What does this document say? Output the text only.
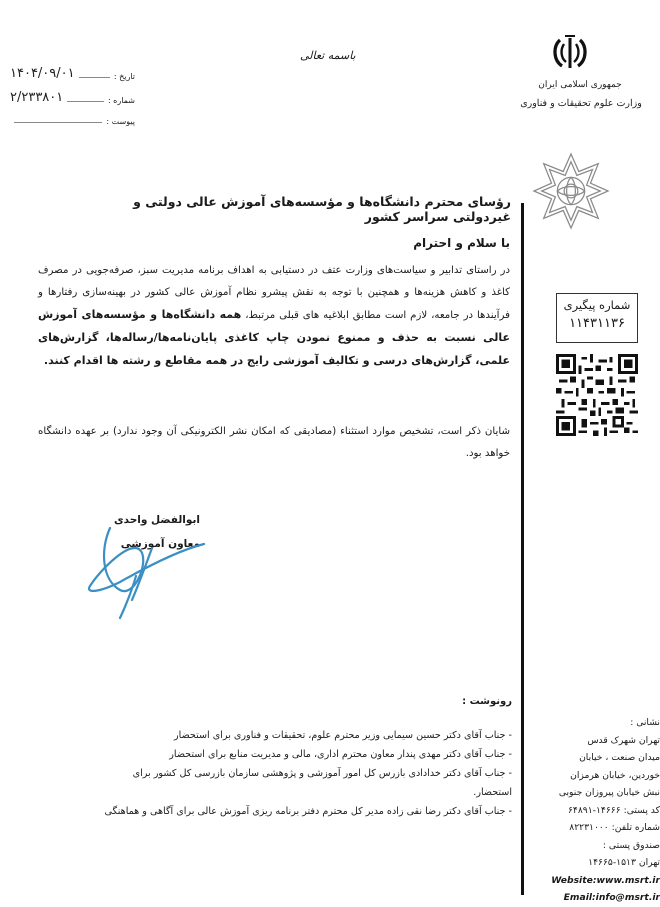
باسمه تعالی
جمهوری اسلامی ایران
وزارت علوم تحقیقات و فناوری
تاریخ :
۱۴۰۴/۰۹/۰۱
شماره :
۲/۲۳۳۸۰۱
پیوست :
شماره پیگیری
۱۱۴۳۱۱۳۶
رؤسای محترم دانشگاه‌ها و مؤسسه‌های آموزش عالی دولتی و غیردولتی سراسر کشور
با سلام و احترام
در راستای تدابیر و سیاست‌های وزارت عتف در دستیابی به اهداف برنامه مدیریت سبز، صرفه‌جویی در مصرف کاغذ و کاهش هزینه‌ها و همچنین با توجه به نقش پیشرو نظام آموزش عالی کشور در بهینه‌سازی رفتارها و فرآیندها در جامعه، لازم است مطابق ابلاغیه های قبلی مرتبط، همه دانشگاه‌ها و مؤسسه‌های آموزش عالی نسبت به حذف و ممنوع نمودن چاپ کاغذی پایان‌نامه‌ها/رساله‌ها، گزارش‌های علمی، گزارش‌های درسی و تکالیف آموزشی رایج در همه مقاطع و رشته ها اقدام کنند.
شایان ذکر است، تشخیص موارد استثناء (مصادیقی که امکان نشر الکترونیکی آن وجود ندارد) بر عهده دانشگاه خواهد بود.
ابوالفضل واحدی
معاون آموزشی
رونوشت :
- جناب آقای دکتر حسین سیمایی وزیر محترم علوم، تحقیقات و فناوری برای استحضار
- جناب آقای دکتر مهدی پندار معاون محترم اداری، مالی و مدیریت منابع برای استحضار
- جناب آقای دکتر خدادادی بازرس کل امور آموزشی و پژوهشی سازمان بازرسی کل کشور برای استحضار.
- جناب آقای دکتر رضا نقی زاده مدیر کل محترم دفتر برنامه ریزی آموزش عالی برای آگاهی و هماهنگی
نشانی :
تهران شهرک قدس
میدان صنعت ، خیابان
خوردین، خیابان هرمزان
نبش خیابان پیروزان جنوبی
کد پستی: ۱۴۶۶۶-۶۴۸۹۱
شماره تلفن: ۸۲۲۳۱۰۰۰
صندوق پستی :
تهران ۱۵۱۳-۱۴۶۶۵
Website:www.msrt.ir
Email:info@msrt.ir
